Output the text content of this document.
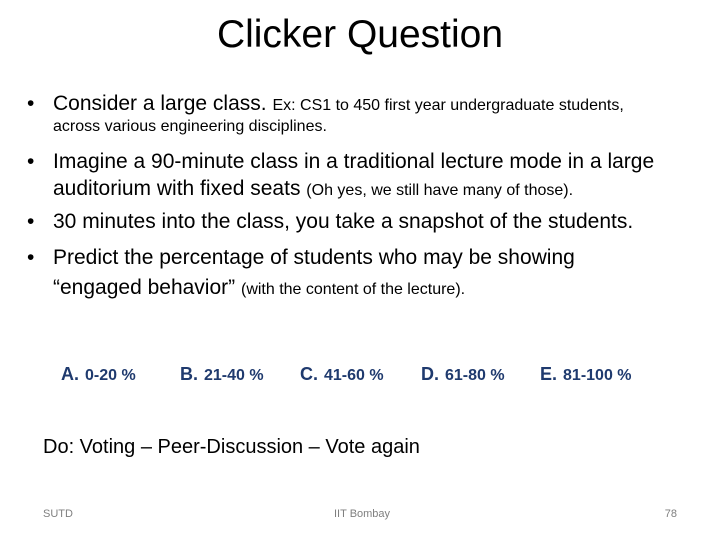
Clicker Question
• Consider a large class. Ex: CS1 to 450 first year undergraduate students,
across various engineering disciplines.
• Imagine a 90-minute class in a traditional lecture mode in a large
auditorium with fixed seats (Oh yes, we still have many of those).
• 30 minutes into the class, you take a snapshot of the students.
• Predict the percentage of students who may be showing
“engaged behavior” (with the content of the lecture).
A. 0-20 % B. 21-40 % C. 41-60 % D. 61-80 % E. 81-100 %
Do: Voting – Peer-Discussion – Vote again
SUTD	IIT Bombay	78
